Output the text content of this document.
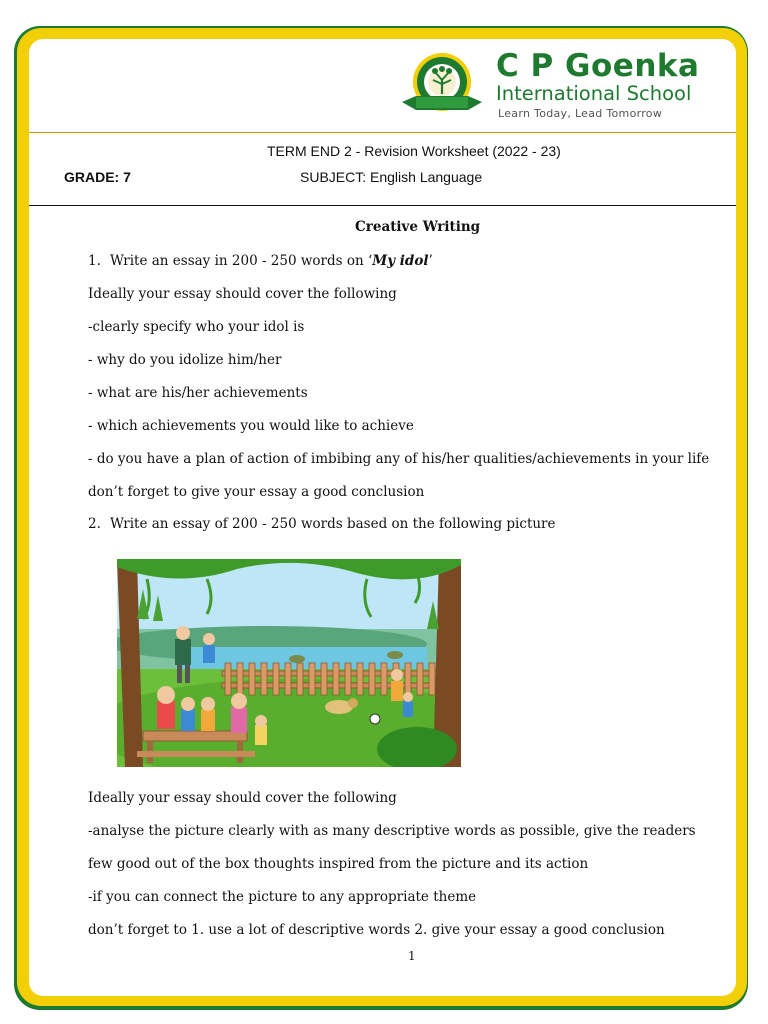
C P Goenka
International School
Learn Today, Lead Tomorrow
TERM END 2 - Revision Worksheet (2022 - 23)
GRADE: 7	SUBJECT: English Language
Creative Writing
1. Write an essay in 200 - 250 words on ‘My idol’
Ideally your essay should cover the following
-clearly specify who your idol is
- why do you idolize him/her
- what are his/her achievements
- which achievements you would like to achieve
- do you have a plan of action of imbibing any of his/her qualities/achievements in your life
don’t forget to give your essay a good conclusion
2. Write an essay of 200 - 250 words based on the following picture
Ideally your essay should cover the following
-analyse the picture clearly with as many descriptive words as possible, give the readers
few good out of the box thoughts inspired from the picture and its action
-if you can connect the picture to any appropriate theme
don’t forget to 1. use a lot of descriptive words 2. give your essay a good conclusion
1
